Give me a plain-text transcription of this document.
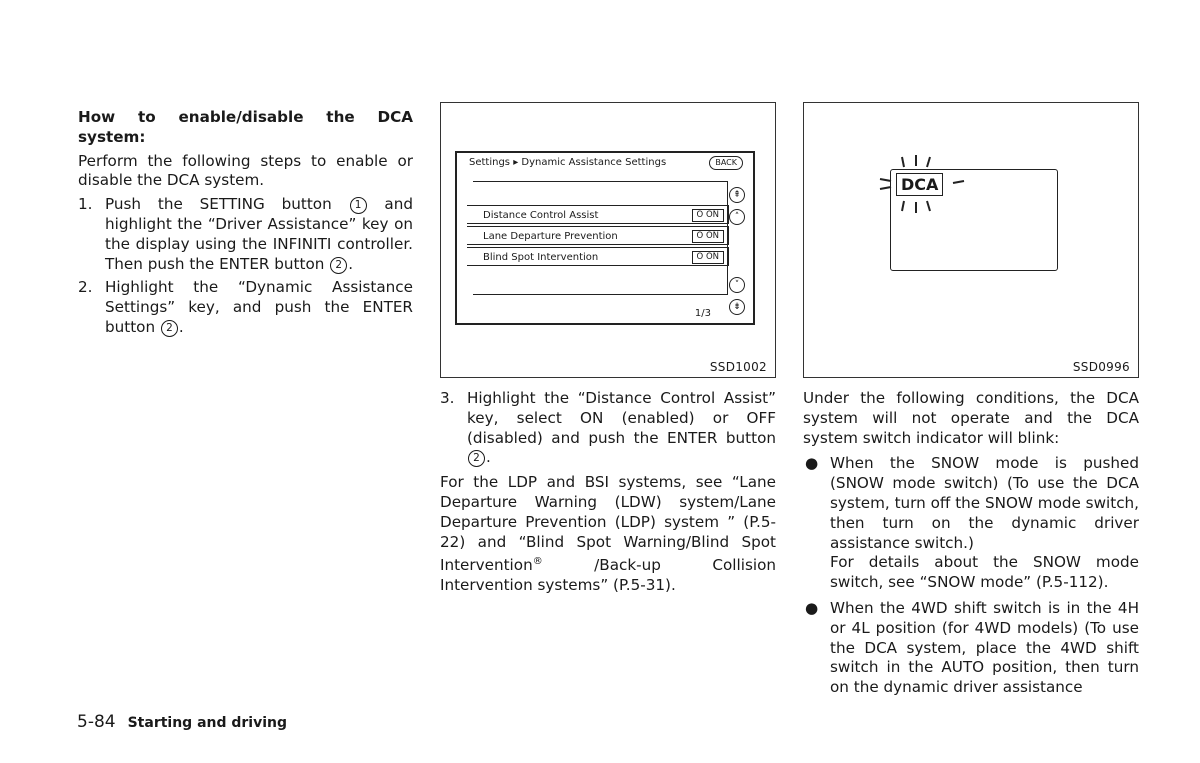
How to enable/disable the DCA system:

Perform the following steps to enable or disable the DCA system.

1. Push the SETTING button 1 and highlight the “Driver Assistance” key on the display using the INFINITI controller. Then push the ENTER button 2 .
2. Highlight the “Dynamic Assistance Settings” key, and push the ENTER button 2 .
Settings ▸ Dynamic Assistance Settings	BACK
Distance Control Assist	O ON
Lane Departure Prevention	O ON
Blind Spot Intervention	O ON
⇞
˄
˅
⇟
1/3
SSD1002
DCA
SSD0996
3. Highlight the “Distance Control Assist” key, select ON (enabled) or OFF (disabled) and push the ENTER button 2 .

For the LDP and BSI systems, see “Lane Departure Warning (LDW) system/Lane Departure Prevention (LDP) system ” (P.5-22) and “Blind Spot Warning/Blind Spot Intervention® /Back-up Collision Intervention systems” (P.5-31).

Under the following conditions, the DCA system will not operate and the DCA system switch indicator will blink:

● When the SNOW mode is pushed (SNOW mode switch) (To use the DCA system, turn off the SNOW mode switch, then turn on the dynamic driver assistance switch.)

For details about the SNOW mode switch, see “SNOW mode” (P.5-112).

● When the 4WD shift switch is in the 4H or 4L position (for 4WD models) (To use the DCA system, place the 4WD shift switch in the AUTO position, then turn on the dynamic driver assistance
5-84 Starting and driving
